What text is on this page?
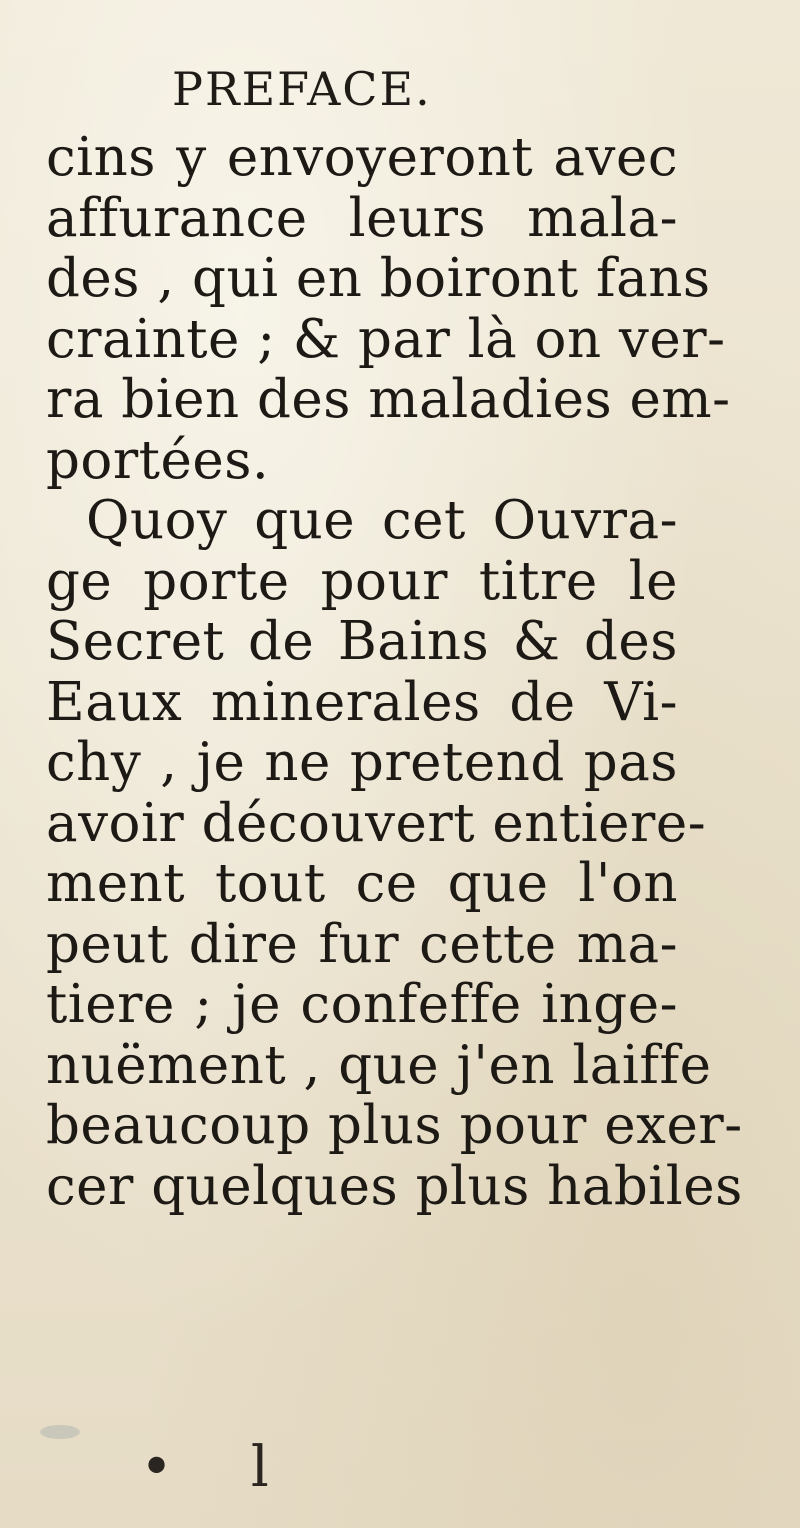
PREFACE.
cins y envoyeront avec
affurance leurs mala-
des , qui en boiront fans
crainte ; & par là on ver-
ra bien des maladies em-
portées.
Quoy que cet Ouvra-
ge porte pour titre le
Secret de Bains & des
Eaux minerales de Vi-
chy , je ne pretend pas
avoir découvert entiere-
ment tout ce que l'on
peut dire fur cette ma-
tiere ; je confeffe inge-
nuëment , que j'en laiffe
beaucoup plus pour exer-
cer quelques plus habiles
• l
